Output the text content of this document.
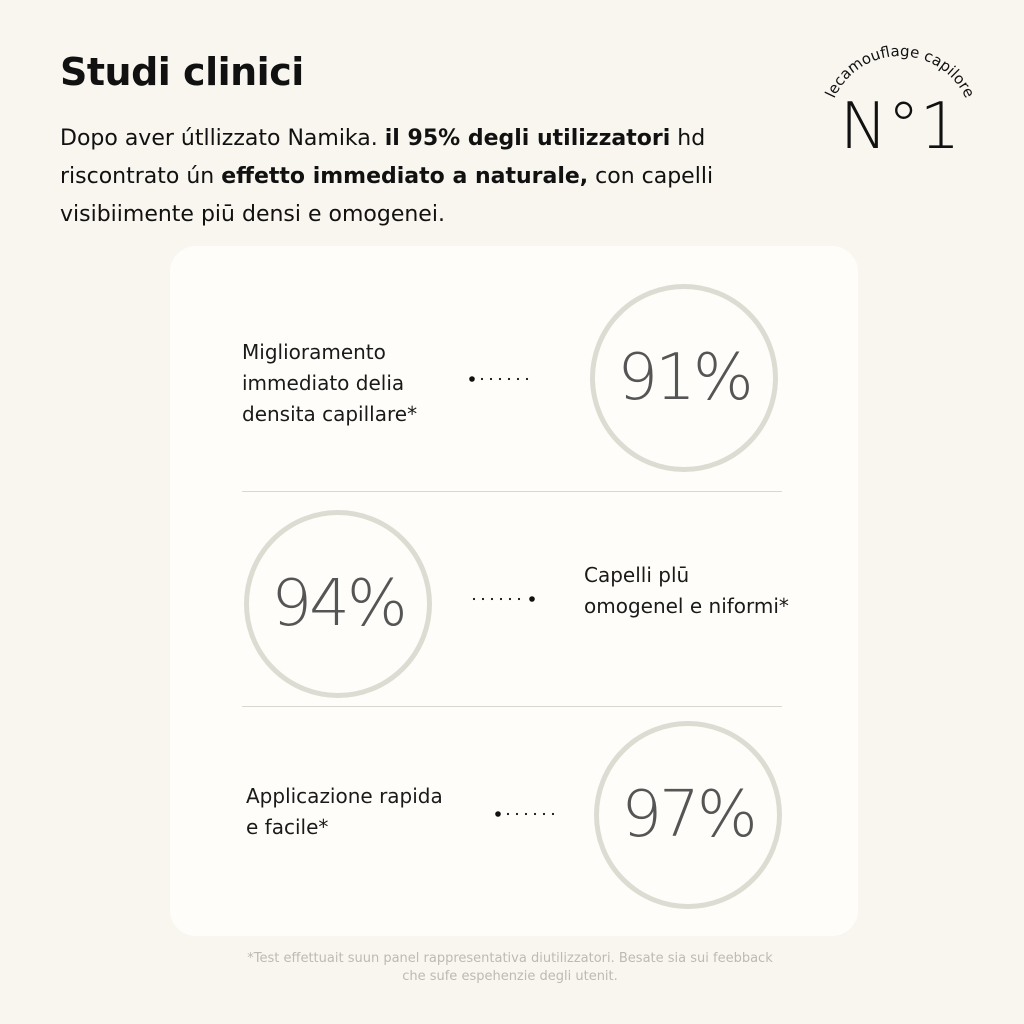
Studi clinici

Dopo aver útllizzato Namika. il 95% degli utilizzatori hd riscontrato ún effetto immediato a naturale, con capelli visibiimente piū densi e omogenei.

lecamouflage capilore
N°1

Miglioramento
immediato delia
densita capillare*	91%
94%	Capelli plū
omogenel e niformi*

Applicazione rapida
e facile*	97%

*Test effettuait suun panel rappresentativa diutilizzatori. Besate sia sui feebback
che sufe espehenzie degli utenit.
